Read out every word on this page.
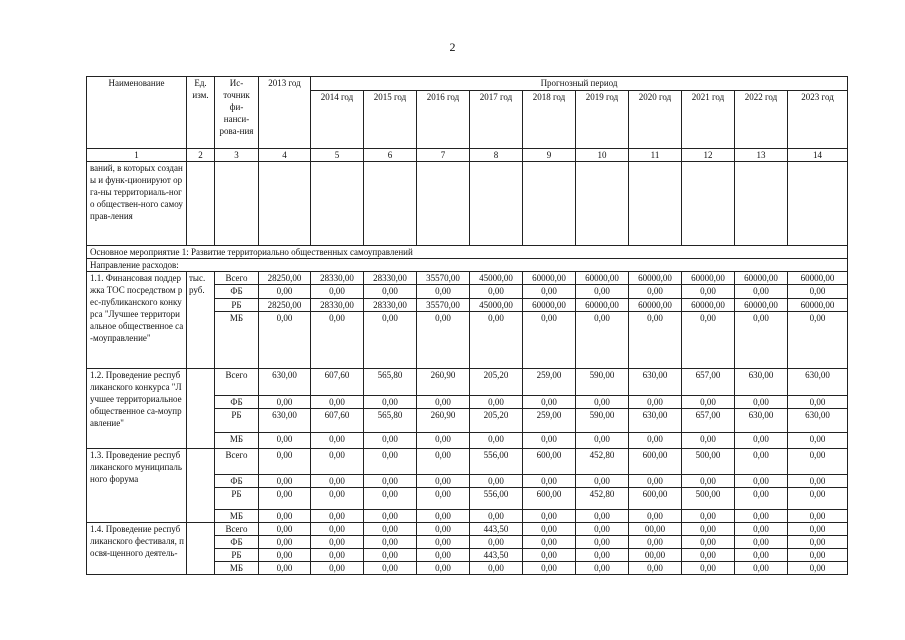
2
Наименование	Ед. изм.	Ис-точник фи-нанси-рова-ния	2013 год	Прогнозный период									
				2014 год	2015 год	2016 год	2017 год	2018 год	2019 год	2020 год	2021 год	2022 год	2023 год
1	2	3	4	5	6	7	8	9	10	11	12	13	14
ваний, в которых созданы и функ-ционируют орга-ны территориаль-ного обществен-ного самоуправ-ления													
Основное мероприятие 1: Развитие территориально общественных самоуправлений													
Направление расходов:													
1.1. Финансовая поддержка ТОС посредством рес-публиканского конкурса "Лучшее территориальное общественное са-моуправление"	тыс. руб.	Всего	28250,00	28330,00	28330,00	35570,00	45000,00	60000,00	60000,00	60000,00	60000,00	60000,00	60000,00
		ФБ	0,00	0,00	0,00	0,00	0,00	0,00	0,00	0,00	0,00	0,00	0,00
		РБ	28250,00	28330,00	28330,00	35570,00	45000,00	60000,00	60000,00	60000,00	60000,00	60000,00	60000,00
		МБ	0,00	0,00	0,00	0,00	0,00	0,00	0,00	0,00	0,00	0,00	0,00
1.2. Проведение республиканского конкурса "Лучшее территориальное общественное са-моуправление"		Всего	630,00	607,60	565,80	260,90	205,20	259,00	590,00	630,00	657,00	630,00	630,00
		ФБ	0,00	0,00	0,00	0,00	0,00	0,00	0,00	0,00	0,00	0,00	0,00
		РБ	630,00	607,60	565,80	260,90	205,20	259,00	590,00	630,00	657,00	630,00	630,00
		МБ	0,00	0,00	0,00	0,00	0,00	0,00	0,00	0,00	0,00	0,00	0,00
1.3. Проведение республиканского муниципального форума		Всего	0,00	0,00	0,00	0,00	556,00	600,00	452,80	600,00	500,00	0,00	0,00
		ФБ	0,00	0,00	0,00	0,00	0,00	0,00	0,00	0,00	0,00	0,00	0,00
		РБ	0,00	0,00	0,00	0,00	556,00	600,00	452,80	600,00	500,00	0,00	0,00
		МБ	0,00	0,00	0,00	0,00	0,00	0,00	0,00	0,00	0,00	0,00	0,00
1.4. Проведение республиканского фестиваля, посвя-щенного деятель-		Всего	0,00	0,00	0,00	0,00	443,50	0,00	0,00	00,00	0,00	0,00	0,00
		ФБ	0,00	0,00	0,00	0,00	0,00	0,00	0,00	0,00	0,00	0,00	0,00
		РБ	0,00	0,00	0,00	0,00	443,50	0,00	0,00	00,00	0,00	0,00	0,00
		МБ	0,00	0,00	0,00	0,00	0,00	0,00	0,00	0,00	0,00	0,00	0,00
